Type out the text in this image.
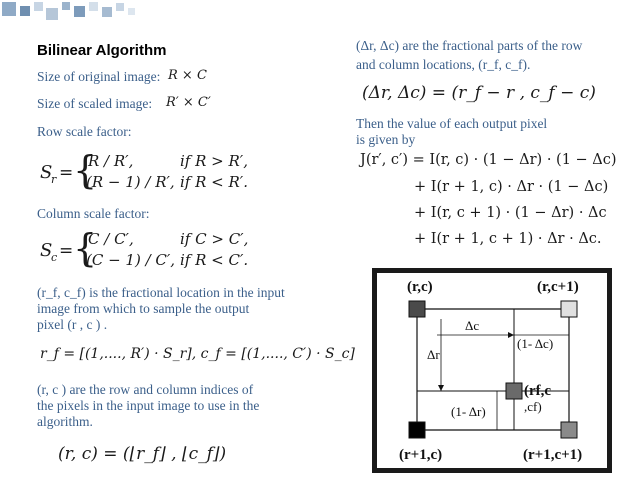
Bilinear Algorithm
Size of original image: R × C
Size of scaled image: R′ × C′
Row scale factor:
S
r = {
R / R′,	if R > R′,
(R − 1) / R′, if R < R′.
Column scale factor:
S
c = {
C / C′,	if C > C′,
(C − 1) / C′, if R < C′.
(r_f, c_f) is the fractional location in the input
image from which to sample the output
pixel (r , c ) .
r_f = [(1,...., R′) · S_r], c_f = [(1,...., C′) · S_c]
(r, c ) are the row and column indices of
the pixels in the input image to use in the
algorithm.
(r, c) = (⌊r_f⌋ , ⌊c_f⌋)
(Δr, Δc) are the fractional parts of the row
and column locations, (r_f, c_f).
(Δr, Δc) = (r_f − r , c_f − c)
Then the value of each output pixel
is given by
J(r′, c′) = I(r, c) · (1 − Δr) · (1 − Δc)
+ I(r + 1, c) · Δr · (1 − Δc)
+ I(r, c + 1) · (1 − Δr) · Δc
+ I(r + 1, c + 1) · Δr · Δc.
(r,c)	(r,c+1)
(r+1,c)	(r+1,c+1)
(rf,c
,cf)
Δc
(1- Δc)
Δr
(1- Δr)
